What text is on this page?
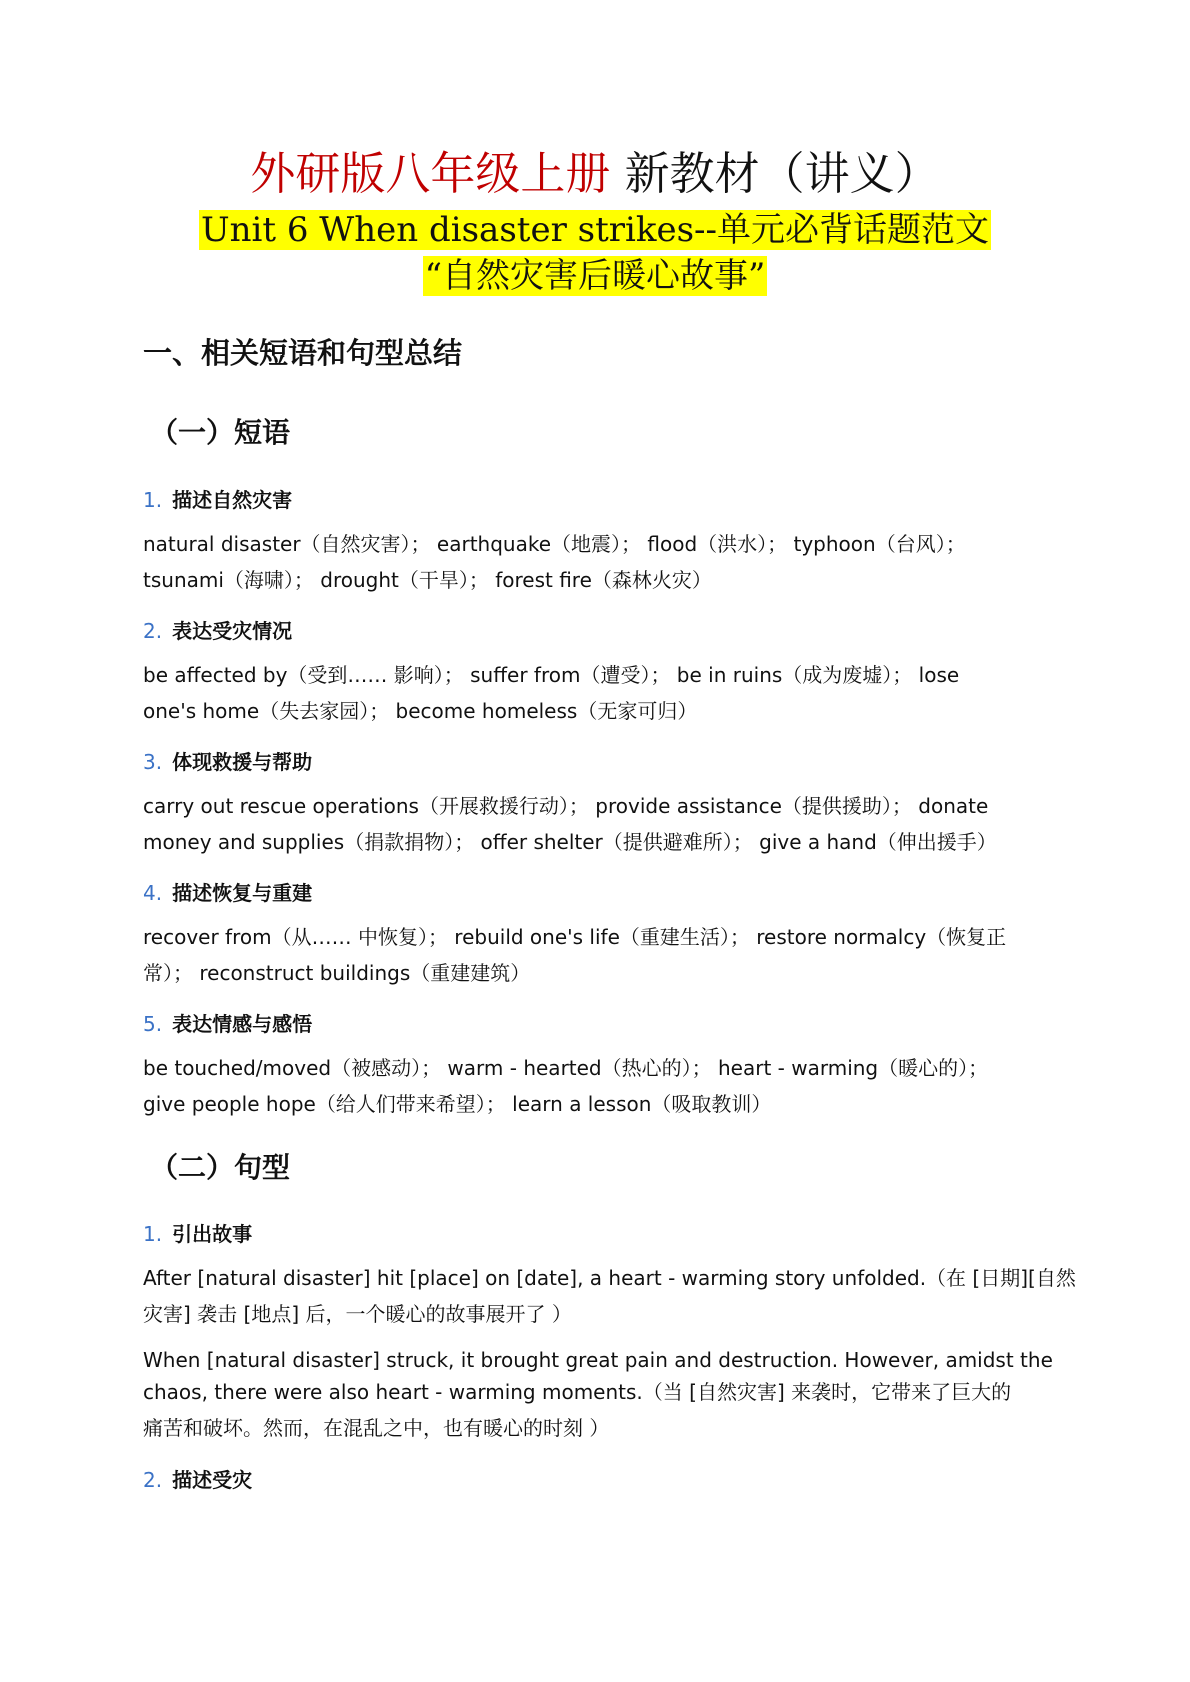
外研版八年级上册 新教材（讲义）
Unit 6 When disaster strikes--单元必背话题范文
“自然灾害后暖心故事”
一、相关短语和句型总结
（一）短语
1. 描述自然灾害
natural disaster（自然灾害）； earthquake（地震）； flood（洪水）； typhoon（台风）；
tsunami（海啸）； drought（干旱）； forest fire（森林火灾）
2. 表达受灾情况
be affected by（受到…… 影响）； suffer from（遭受）； be in ruins（成为废墟）； lose
one's home（失去家园）； become homeless（无家可归）
3. 体现救援与帮助
carry out rescue operations（开展救援行动）； provide assistance（提供援助）； donate
money and supplies（捐款捐物）； offer shelter（提供避难所）； give a hand（伸出援手）
4. 描述恢复与重建
recover from（从…… 中恢复）； rebuild one's life（重建生活）； restore normalcy（恢复正
常）； reconstruct buildings（重建建筑）
5. 表达情感与感悟
be touched/moved（被感动）； warm - hearted（热心的）； heart - warming（暖心的）；
give people hope（给人们带来希望）； learn a lesson（吸取教训）
（二）句型
1. 引出故事
After [natural disaster] hit [place] on [date], a heart - warming story unfolded.（在 [日期][自然
灾害] 袭击 [地点] 后，一个暖心的故事展开了 ）
When [natural disaster] struck, it brought great pain and destruction. However, amidst the
chaos, there were also heart - warming moments.（当 [自然灾害] 来袭时，它带来了巨大的
痛苦和破坏。然而，在混乱之中，也有暖心的时刻 ）
2. 描述受灾
